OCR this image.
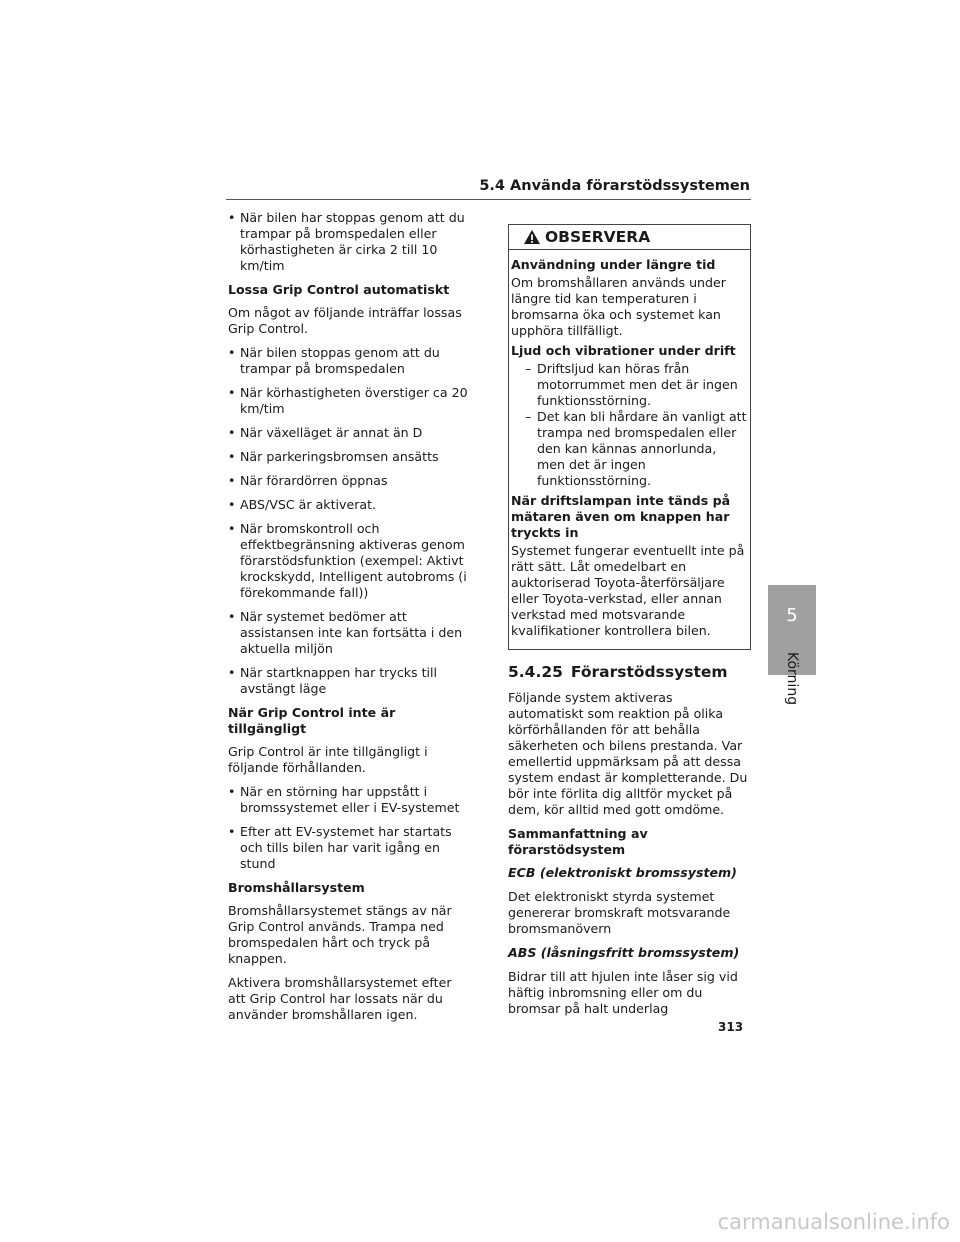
5.4 Använda förarstödssystemen
• När bilen har stoppas genom att du trampar på bromspedalen eller körhastigheten är cirka 2 till 10 km/tim

Lossa Grip Control automatiskt

Om något av följande inträffar lossas Grip Control.

• När bilen stoppas genom att du trampar på bromspedalen
• När körhastigheten överstiger ca 20 km/tim
• När växelläget är annat än D
• När parkeringsbromsen ansätts
• När förardörren öppnas
• ABS/VSC är aktiverat.
• När bromskontroll och effektbegränsning aktiveras genom förarstödsfunktion (exempel: Aktivt krockskydd, Intelligent autobroms (i förekommande fall))
• När systemet bedömer att assistansen inte kan fortsätta i den aktuella miljön
• När startknappen har trycks till avstängt läge

När Grip Control inte är tillgängligt

Grip Control är inte tillgängligt i följande förhållanden.

• När en störning har uppstått i bromssystemet eller i EV-systemet
• Efter att EV-systemet har startats och tills bilen har varit igång en stund

Bromshållarsystem

Bromshållarsystemet stängs av när Grip Control används. Trampa ned bromspedalen hårt och tryck på knappen.

Aktivera bromshållarsystemet efter att Grip Control har lossats när du använder bromshållaren igen.

OBSERVERA

Användning under längre tid

Om bromshållaren används under längre tid kan temperaturen i bromsarna öka och systemet kan upphöra tillfälligt.

Ljud och vibrationer under drift

– Driftsljud kan höras från motorrummet men det är ingen funktionsstörning.
– Det kan bli hårdare än vanligt att trampa ned bromspedalen eller den kan kännas annorlunda, men det är ingen funktionsstörning.

När driftslampan inte tänds på mätaren även om knappen har tryckts in

Systemet fungerar eventuellt inte på rätt sätt. Låt omedelbart en auktoriserad Toyota-återförsäljare eller Toyota-verkstad, eller annan verkstad med motsvarande kvalifikationer kontrollera bilen.

5.4.25 Förarstödssystem

Följande system aktiveras automatiskt som reaktion på olika körförhållanden för att behålla säkerheten och bilens prestanda. Var emellertid uppmärksam på att dessa system endast är kompletterande. Du bör inte förlita dig alltför mycket på dem, kör alltid med gott omdöme.

Sammanfattning av förarstödsystem

ECB (elektroniskt bromssystem)

Det elektroniskt styrda systemet genererar bromskraft motsvarande bromsmanövern

ABS (låsningsfritt bromssystem)

Bidrar till att hjulen inte låser sig vid häftig inbromsning eller om du bromsar på halt underlag

5
Körning
313
carmanualsonline.info
